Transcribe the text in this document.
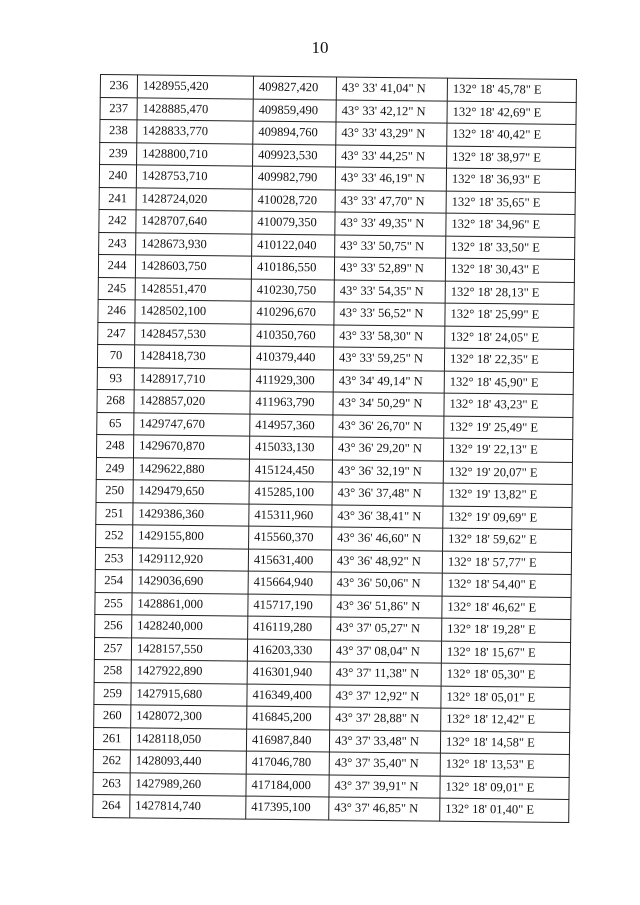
10
236	1428955,420	409827,420	43° 33' 41,04" N	132° 18' 45,78" E
237	1428885,470	409859,490	43° 33' 42,12" N	132° 18' 42,69" E
238	1428833,770	409894,760	43° 33' 43,29" N	132° 18' 40,42" E
239	1428800,710	409923,530	43° 33' 44,25" N	132° 18' 38,97" E
240	1428753,710	409982,790	43° 33' 46,19" N	132° 18' 36,93" E
241	1428724,020	410028,720	43° 33' 47,70" N	132° 18' 35,65" E
242	1428707,640	410079,350	43° 33' 49,35" N	132° 18' 34,96" E
243	1428673,930	410122,040	43° 33' 50,75" N	132° 18' 33,50" E
244	1428603,750	410186,550	43° 33' 52,89" N	132° 18' 30,43" E
245	1428551,470	410230,750	43° 33' 54,35" N	132° 18' 28,13" E
246	1428502,100	410296,670	43° 33' 56,52" N	132° 18' 25,99" E
247	1428457,530	410350,760	43° 33' 58,30" N	132° 18' 24,05" E
70	1428418,730	410379,440	43° 33' 59,25" N	132° 18' 22,35" E
93	1428917,710	411929,300	43° 34' 49,14" N	132° 18' 45,90" E
268	1428857,020	411963,790	43° 34' 50,29" N	132° 18' 43,23" E
65	1429747,670	414957,360	43° 36' 26,70" N	132° 19' 25,49" E
248	1429670,870	415033,130	43° 36' 29,20" N	132° 19' 22,13" E
249	1429622,880	415124,450	43° 36' 32,19" N	132° 19' 20,07" E
250	1429479,650	415285,100	43° 36' 37,48" N	132° 19' 13,82" E
251	1429386,360	415311,960	43° 36' 38,41" N	132° 19' 09,69" E
252	1429155,800	415560,370	43° 36' 46,60" N	132° 18' 59,62" E
253	1429112,920	415631,400	43° 36' 48,92" N	132° 18' 57,77" E
254	1429036,690	415664,940	43° 36' 50,06" N	132° 18' 54,40" E
255	1428861,000	415717,190	43° 36' 51,86" N	132° 18' 46,62" E
256	1428240,000	416119,280	43° 37' 05,27" N	132° 18' 19,28" E
257	1428157,550	416203,330	43° 37' 08,04" N	132° 18' 15,67" E
258	1427922,890	416301,940	43° 37' 11,38" N	132° 18' 05,30" E
259	1427915,680	416349,400	43° 37' 12,92" N	132° 18' 05,01" E
260	1428072,300	416845,200	43° 37' 28,88" N	132° 18' 12,42" E
261	1428118,050	416987,840	43° 37' 33,48" N	132° 18' 14,58" E
262	1428093,440	417046,780	43° 37' 35,40" N	132° 18' 13,53" E
263	1427989,260	417184,000	43° 37' 39,91" N	132° 18' 09,01" E
264	1427814,740	417395,100	43° 37' 46,85" N	132° 18' 01,40" E
